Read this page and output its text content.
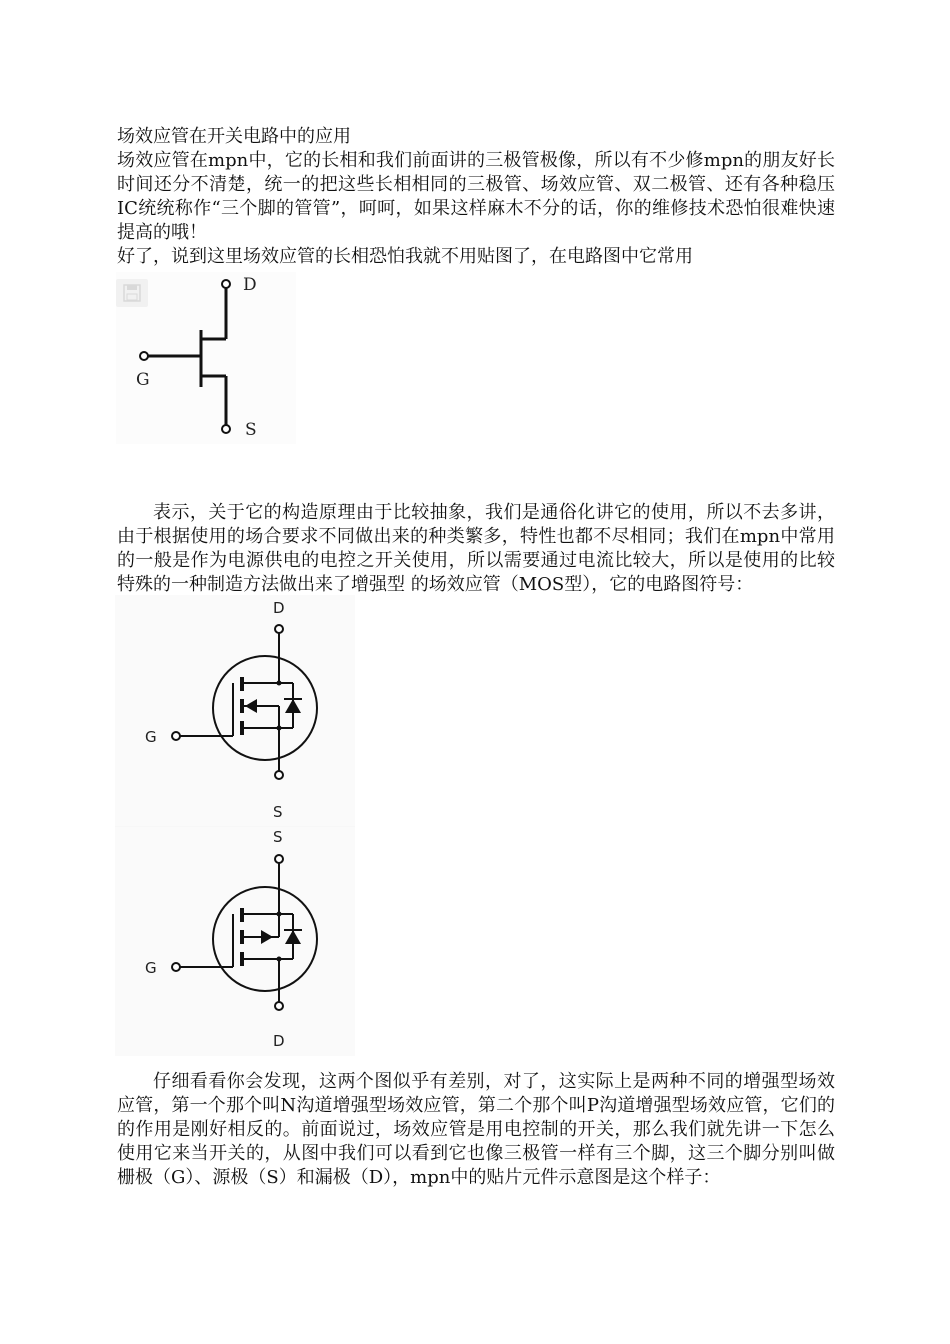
场效应管在开关电路中的应用

场效应管在mpn中，它的长相和我们前面讲的三极管极像，所以有不少修mpn的朋友好长时间还分不清楚，统一的把这些长相相同的三极管、场效应管、双二极管、还有各种稳压IC统统称作“三个脚的管管”，呵呵，如果这样麻木不分的话，你的维修技术恐怕很难快速提高的哦！

好了，说到这里场效应管的长相恐怕我就不用贴图了，在电路图中它常用

D
G
S

表示，关于它的构造原理由于比较抽象，我们是通俗化讲它的使用，所以不去多讲，由于根据使用的场合要求不同做出来的种类繁多，特性也都不尽相同；我们在mpn中常用的一般是作为电源供电的电控之开关使用，所以需要通过电流比较大，所以是使用的比较特殊的一种制造方法做出来了增强型 的场效应管（MOS型），它的电路图符号：

D
G
S
S
G
D

仔细看看你会发现，这两个图似乎有差别，对了，这实际上是两种不同的增强型场效应管，第一个那个叫N沟道增强型场效应管，第二个那个叫P沟道增强型场效应管，它们的的作用是刚好相反的。前面说过，场效应管是用电控制的开关，那么我们就先讲一下怎么使用它来当开关的，从图中我们可以看到它也像三极管一样有三个脚，这三个脚分别叫做栅极（G）、源极（S）和漏极（D），mpn中的贴片元件示意图是这个样子：
